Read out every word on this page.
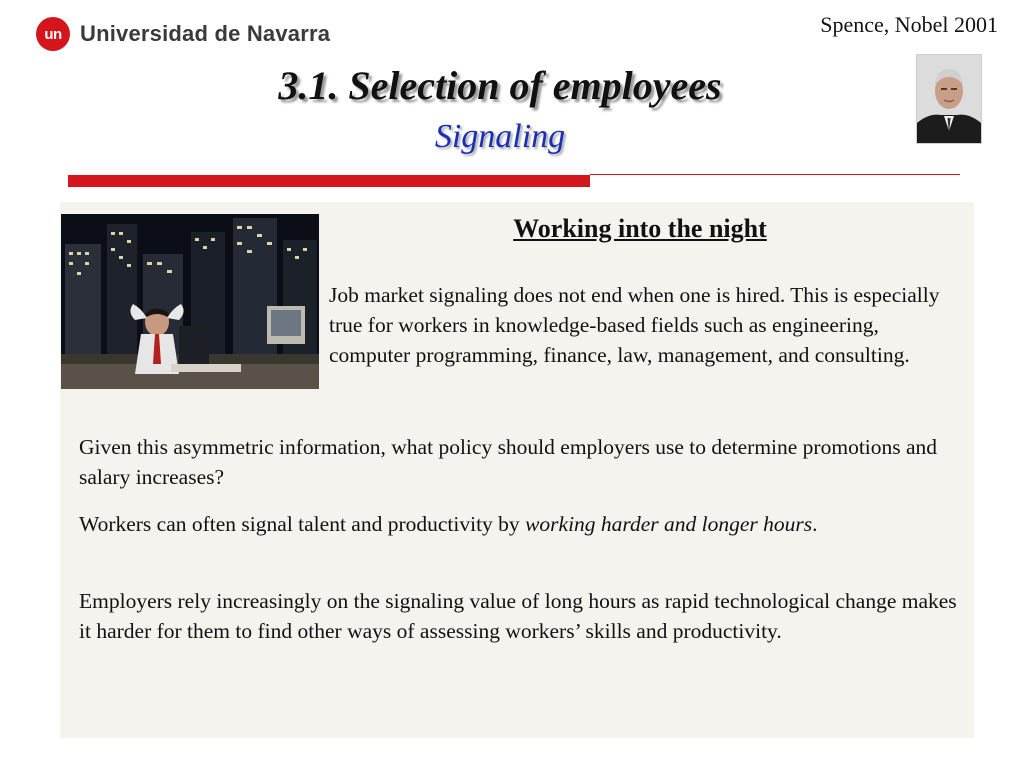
un Universidad de Navarra	Spence, Nobel 2001
3.1. Selection of employees
Signaling
Working into the night

Job market signaling does not end when one is hired. This is especially true for workers in knowledge-based fields such as engineering, computer programming, finance, law, management, and consulting.

Given this asymmetric information, what policy should employers use to determine promotions and salary increases?

Workers can often signal talent and productivity by working harder and longer hours.

Employers rely increasingly on the signaling value of long hours as rapid technological change makes it harder for them to find other ways of assessing workers’ skills and productivity.
